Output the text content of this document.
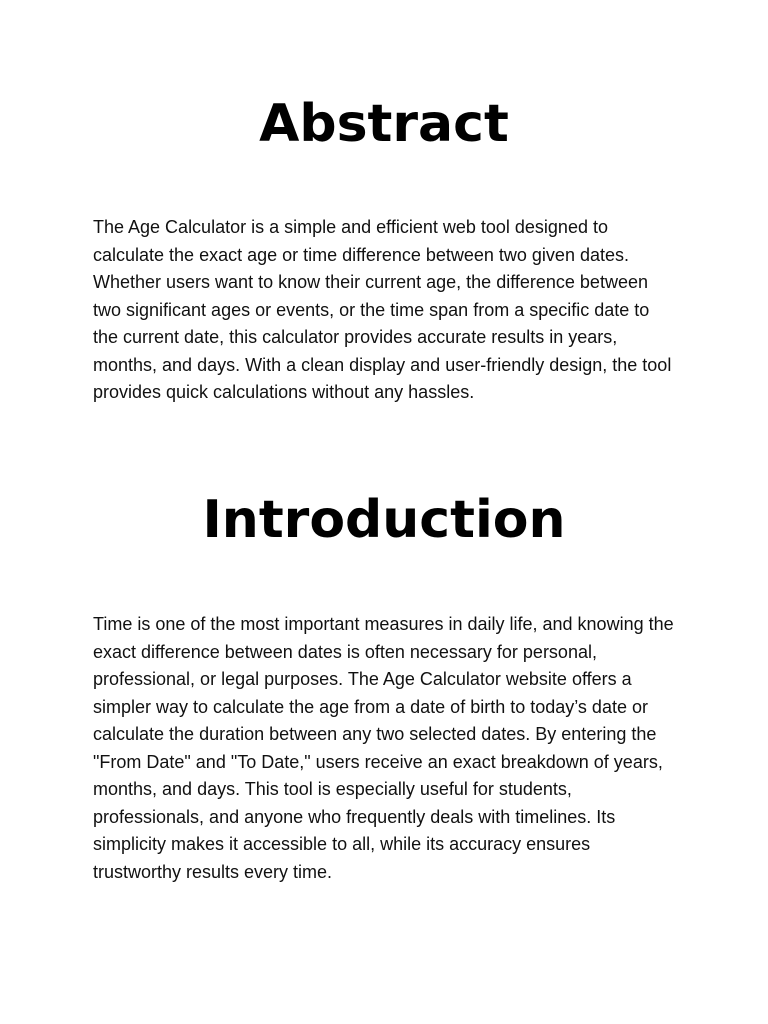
Abstract

The Age Calculator is a simple and efficient web tool designed to calculate the exact age or time difference between two given dates. Whether users want to know their current age, the difference between two significant ages or events, or the time span from a specific date to the current date, this calculator provides accurate results in years, months, and days. With a clean display and user-friendly design, the tool provides quick calculations without any hassles.

Introduction

Time is one of the most important measures in daily life, and knowing the exact difference between dates is often necessary for personal, professional, or legal purposes. The Age Calculator website offers a simpler way to calculate the age from a date of birth to today’s date or calculate the duration between any two selected dates. By entering the "From Date" and "To Date," users receive an exact breakdown of years, months, and days. This tool is especially useful for students, professionals, and anyone who frequently deals with timelines. Its simplicity makes it accessible to all, while its accuracy ensures trustworthy results every time.
